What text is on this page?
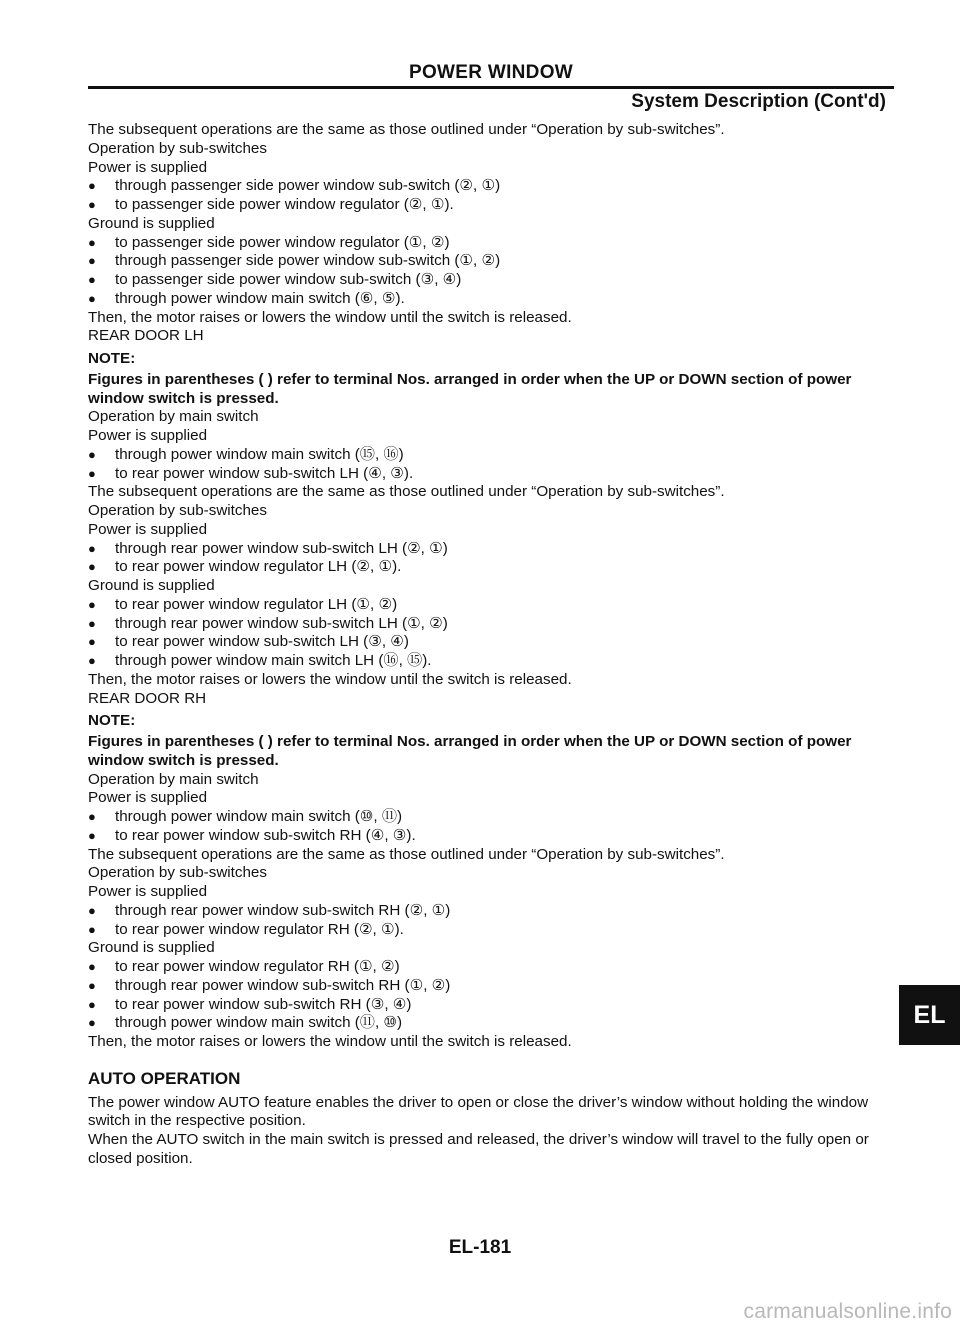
POWER WINDOW
System Description (Cont'd)
The subsequent operations are the same as those outlined under “Operation by sub-switches”.
Operation by sub-switches
Power is supplied
●	through passenger side power window sub-switch (②, ①)
●	to passenger side power window regulator (②, ①).
Ground is supplied
●	to passenger side power window regulator (①, ②)
●	through passenger side power window sub-switch (①, ②)
●	to passenger side power window sub-switch (③, ④)
●	through power window main switch (⑥, ⑤).
Then, the motor raises or lowers the window until the switch is released.
REAR DOOR LH
NOTE:
Figures in parentheses ( ) refer to terminal Nos. arranged in order when the UP or DOWN section of power window switch is pressed.
Operation by main switch
Power is supplied
●	through power window main switch (⑮, ⑯)
●	to rear power window sub-switch LH (④, ③).
The subsequent operations are the same as those outlined under “Operation by sub-switches”.
Operation by sub-switches
Power is supplied
●	through rear power window sub-switch LH (②, ①)
●	to rear power window regulator LH (②, ①).
Ground is supplied
●	to rear power window regulator LH (①, ②)
●	through rear power window sub-switch LH (①, ②)
●	to rear power window sub-switch LH (③, ④)
●	through power window main switch LH (⑯, ⑮).
Then, the motor raises or lowers the window until the switch is released.
REAR DOOR RH
NOTE:
Figures in parentheses ( ) refer to terminal Nos. arranged in order when the UP or DOWN section of power window switch is pressed.
Operation by main switch
Power is supplied
●	through power window main switch (⑩, ⑪)
●	to rear power window sub-switch RH (④, ③).
The subsequent operations are the same as those outlined under “Operation by sub-switches”.
Operation by sub-switches
Power is supplied
●	through rear power window sub-switch RH (②, ①)
●	to rear power window regulator RH (②, ①).
Ground is supplied
●	to rear power window regulator RH (①, ②)
●	through rear power window sub-switch RH (①, ②)
●	to rear power window sub-switch RH (③, ④)
●	through power window main switch (⑪, ⑩)
Then, the motor raises or lowers the window until the switch is released.
AUTO OPERATION
The power window AUTO feature enables the driver to open or close the driver’s window without holding the window switch in the respective position.
When the AUTO switch in the main switch is pressed and released, the driver’s window will travel to the fully open or closed position.
EL
EL-181
carmanualsonline.info
